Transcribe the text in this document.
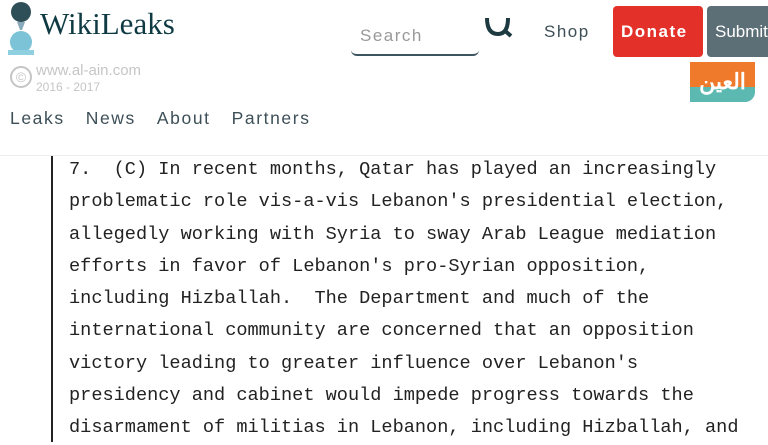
WikiLeaks	Search	Shop	Submit
Donate
العين
Leaks News About Partners
7.  (C) In recent months, Qatar has played an increasingly
problematic role vis-a-vis Lebanon's presidential election,
allegedly working with Syria to sway Arab League mediation
efforts in favor of Lebanon's pro-Syrian opposition,
including Hizballah.  The Department and much of the
international community are concerned that an opposition
victory leading to greater influence over Lebanon's
presidency and cabinet would impede progress towards the
disarmament of militias in Lebanon, including Hizballah, and
© www.al-ain.com
2016 - 2017
